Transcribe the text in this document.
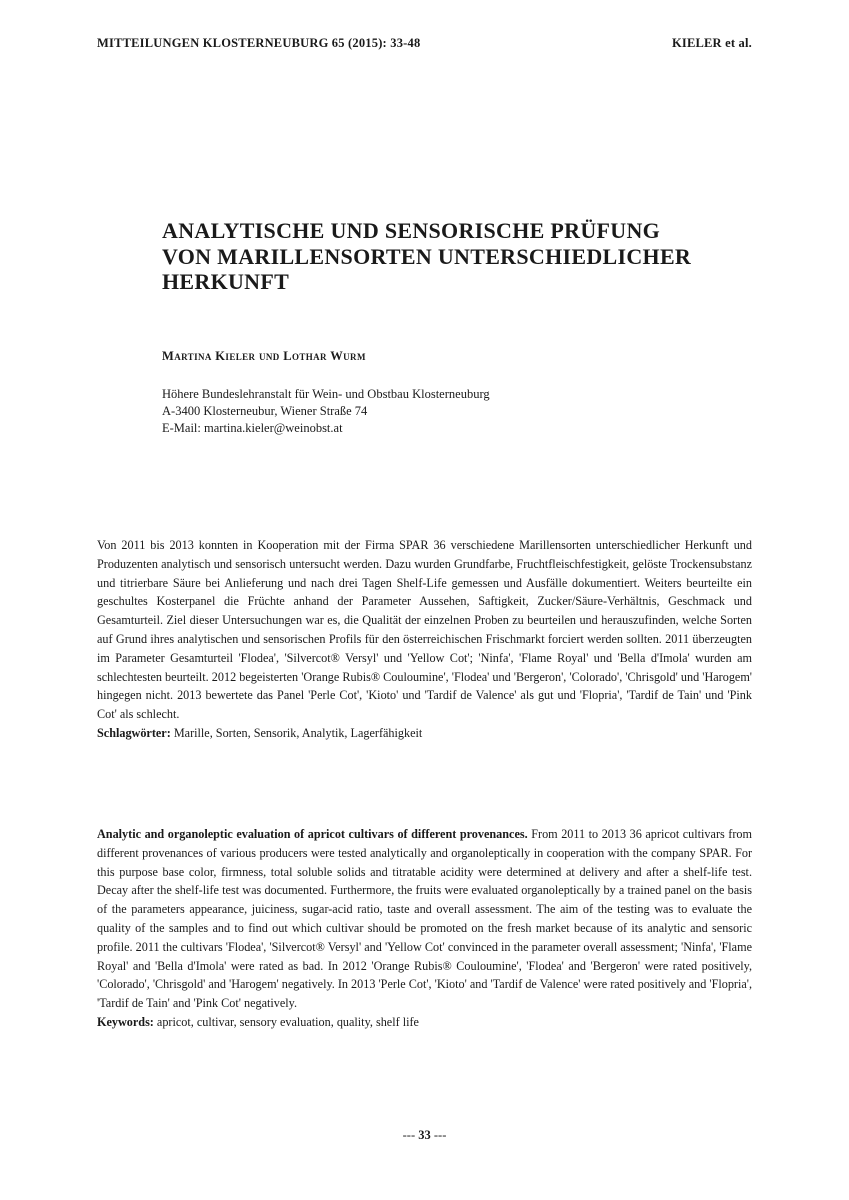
MITTEILUNGEN KLOSTERNEUBURG 65 (2015): 33-48	KIELER et al.
ANALYTISCHE UND SENSORISCHE PRÜFUNG
VON MARILLENSORTEN UNTERSCHIEDLICHER
HERKUNFT
Martina Kieler und Lothar Wurm
Höhere Bundeslehranstalt für Wein- und Obstbau Klosterneuburg
A-3400 Klosterneubur, Wiener Straße 74
E-Mail: martina.kieler@weinobst.at

Von 2011 bis 2013 konnten in Kooperation mit der Firma SPAR 36 verschiedene Marillensorten unterschiedlicher Herkunft und Produzenten analytisch und sensorisch untersucht werden. Dazu wurden Grundfarbe, Fruchtfleischfestigkeit, gelöste Trockensubstanz und titrierbare Säure bei Anlieferung und nach drei Tagen Shelf-Life gemessen und Ausfälle dokumentiert. Weiters beurteilte ein geschultes Kosterpanel die Früchte anhand der Parameter Aussehen, Saftigkeit, Zucker/Säure-Verhältnis, Geschmack und Gesamturteil. Ziel dieser Untersuchungen war es, die Qualität der einzelnen Proben zu beurteilen und herauszufinden, welche Sorten auf Grund ihres analytischen und sensorischen Profils für den österreichischen Frischmarkt forciert werden sollten. 2011 überzeugten im Parameter Gesamturteil 'Flodea', 'Silvercot® Versyl' und 'Yellow Cot'; 'Ninfa', 'Flame Royal' und 'Bella d'Imola' wurden am schlechtesten beurteilt. 2012 begeisterten 'Orange Rubis® Couloumine', 'Flodea' und 'Bergeron', 'Colorado', 'Chrisgold' und 'Harogem' hingegen nicht. 2013 bewertete das Panel 'Perle Cot', 'Kioto' und 'Tardif de Valence' als gut und 'Flopria', 'Tardif de Tain' und 'Pink Cot' als schlecht.
Schlagwörter: Marille, Sorten, Sensorik, Analytik, Lagerfähigkeit

Analytic and organoleptic evaluation of apricot cultivars of different provenances. From 2011 to 2013 36 apricot cultivars from different provenances of various producers were tested analytically and organoleptically in cooperation with the company SPAR. For this purpose base color, firmness, total soluble solids and titratable acidity were determined at delivery and after a shelf-life test. Decay after the shelf-life test was documented. Furthermore, the fruits were evaluated organoleptically by a trained panel on the basis of the parameters appearance, juiciness, sugar-acid ratio, taste and overall assessment. The aim of the testing was to evaluate the quality of the samples and to find out which cultivar should be promoted on the fresh market because of its analytic and sensoric profile. 2011 the cultivars 'Flodea', 'Silvercot® Versyl' and 'Yellow Cot' convinced in the parameter overall assessment; 'Ninfa', 'Flame Royal' and 'Bella d'Imola' were rated as bad. In 2012 'Orange Rubis® Couloumine', 'Flodea' and 'Bergeron' were rated positively, 'Colorado', 'Chrisgold' and 'Harogem' negatively. In 2013 'Perle Cot', 'Kioto' and 'Tardif de Valence' were rated positively and 'Flopria', 'Tardif de Tain' and 'Pink Cot' negatively.
Keywords: apricot, cultivar, sensory evaluation, quality, shelf life

--- 33 ---
